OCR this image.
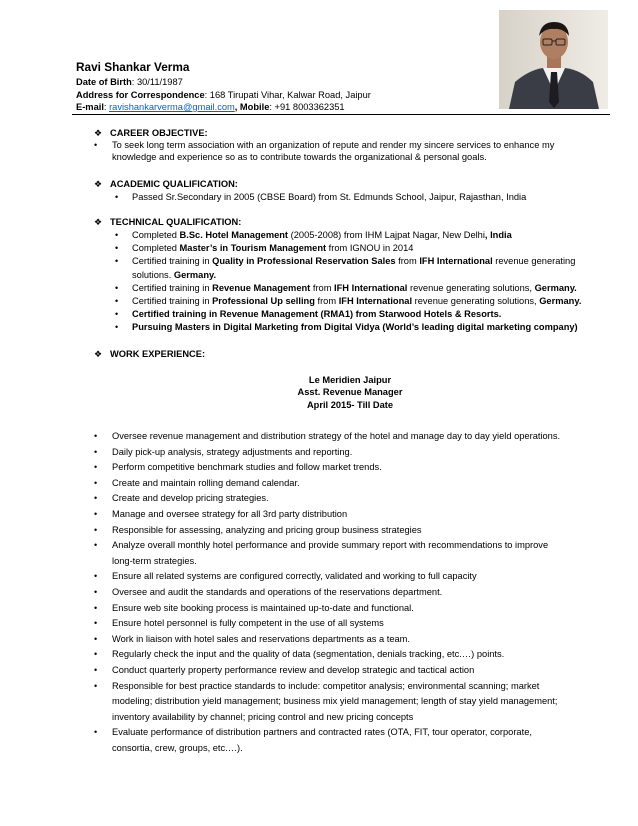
Ravi Shankar Verma
Date of Birth: 30/11/1987
Address for Correspondence: 168 Tirupati Vihar, Kalwar Road, Jaipur
E-mail: ravishankarverma@gmail.com, Mobile: +91 8003362351
❖ CAREER OBJECTIVE:
• To seek long term association with an organization of repute and render my sincere services to enhance my
knowledge and experience so as to contribute towards the organizational & personal goals.
❖ ACADEMIC QUALIFICATION:
• Passed Sr.Secondary in 2005 (CBSE Board) from St. Edmunds School, Jaipur, Rajasthan, India
❖ TECHNICAL QUALIFICATION:
• Completed B.Sc. Hotel Management (2005-2008) from IHM Lajpat Nagar, New Delhi, India
• Completed Master’s in Tourism Management from IGNOU in 2014
• Certified training in Quality in Professional Reservation Sales from IFH International revenue generating
solutions. Germany.
• Certified training in Revenue Management from IFH International revenue generating solutions, Germany.
• Certified training in Professional Up selling from IFH International revenue generating solutions, Germany.
• Certified training in Revenue Management (RMA1) from Starwood Hotels & Resorts.
• Pursuing Masters in Digital Marketing from Digital Vidya (World’s leading digital marketing company)
❖ WORK EXPERIENCE:
Le Meridien Jaipur
Asst. Revenue Manager
April 2015- Till Date
• Oversee revenue management and distribution strategy of the hotel and manage day to day yield operations.
• Daily pick-up analysis, strategy adjustments and reporting.
• Perform competitive benchmark studies and follow market trends.
• Create and maintain rolling demand calendar.
• Create and develop pricing strategies.
• Manage and oversee strategy for all 3rd party distribution
• Responsible for assessing, analyzing and pricing group business strategies
• Analyze overall monthly hotel performance and provide summary report with recommendations to improve
long-term strategies.
• Ensure all related systems are configured correctly, validated and working to full capacity
• Oversee and audit the standards and operations of the reservations department.
• Ensure web site booking process is maintained up-to-date and functional.
• Ensure hotel personnel is fully competent in the use of all systems
• Work in liaison with hotel sales and reservations departments as a team.
• Regularly check the input and the quality of data (segmentation, denials tracking, etc.…) points.
• Conduct quarterly property performance review and develop strategic and tactical action
• Responsible for best practice standards to include: competitor analysis; environmental scanning; market
modeling; distribution yield management; business mix yield management; length of stay yield management;
inventory availability by channel; pricing control and new pricing concepts
• Evaluate performance of distribution partners and contracted rates (OTA, FIT, tour operator, corporate,
consortia, crew, groups, etc.…).
